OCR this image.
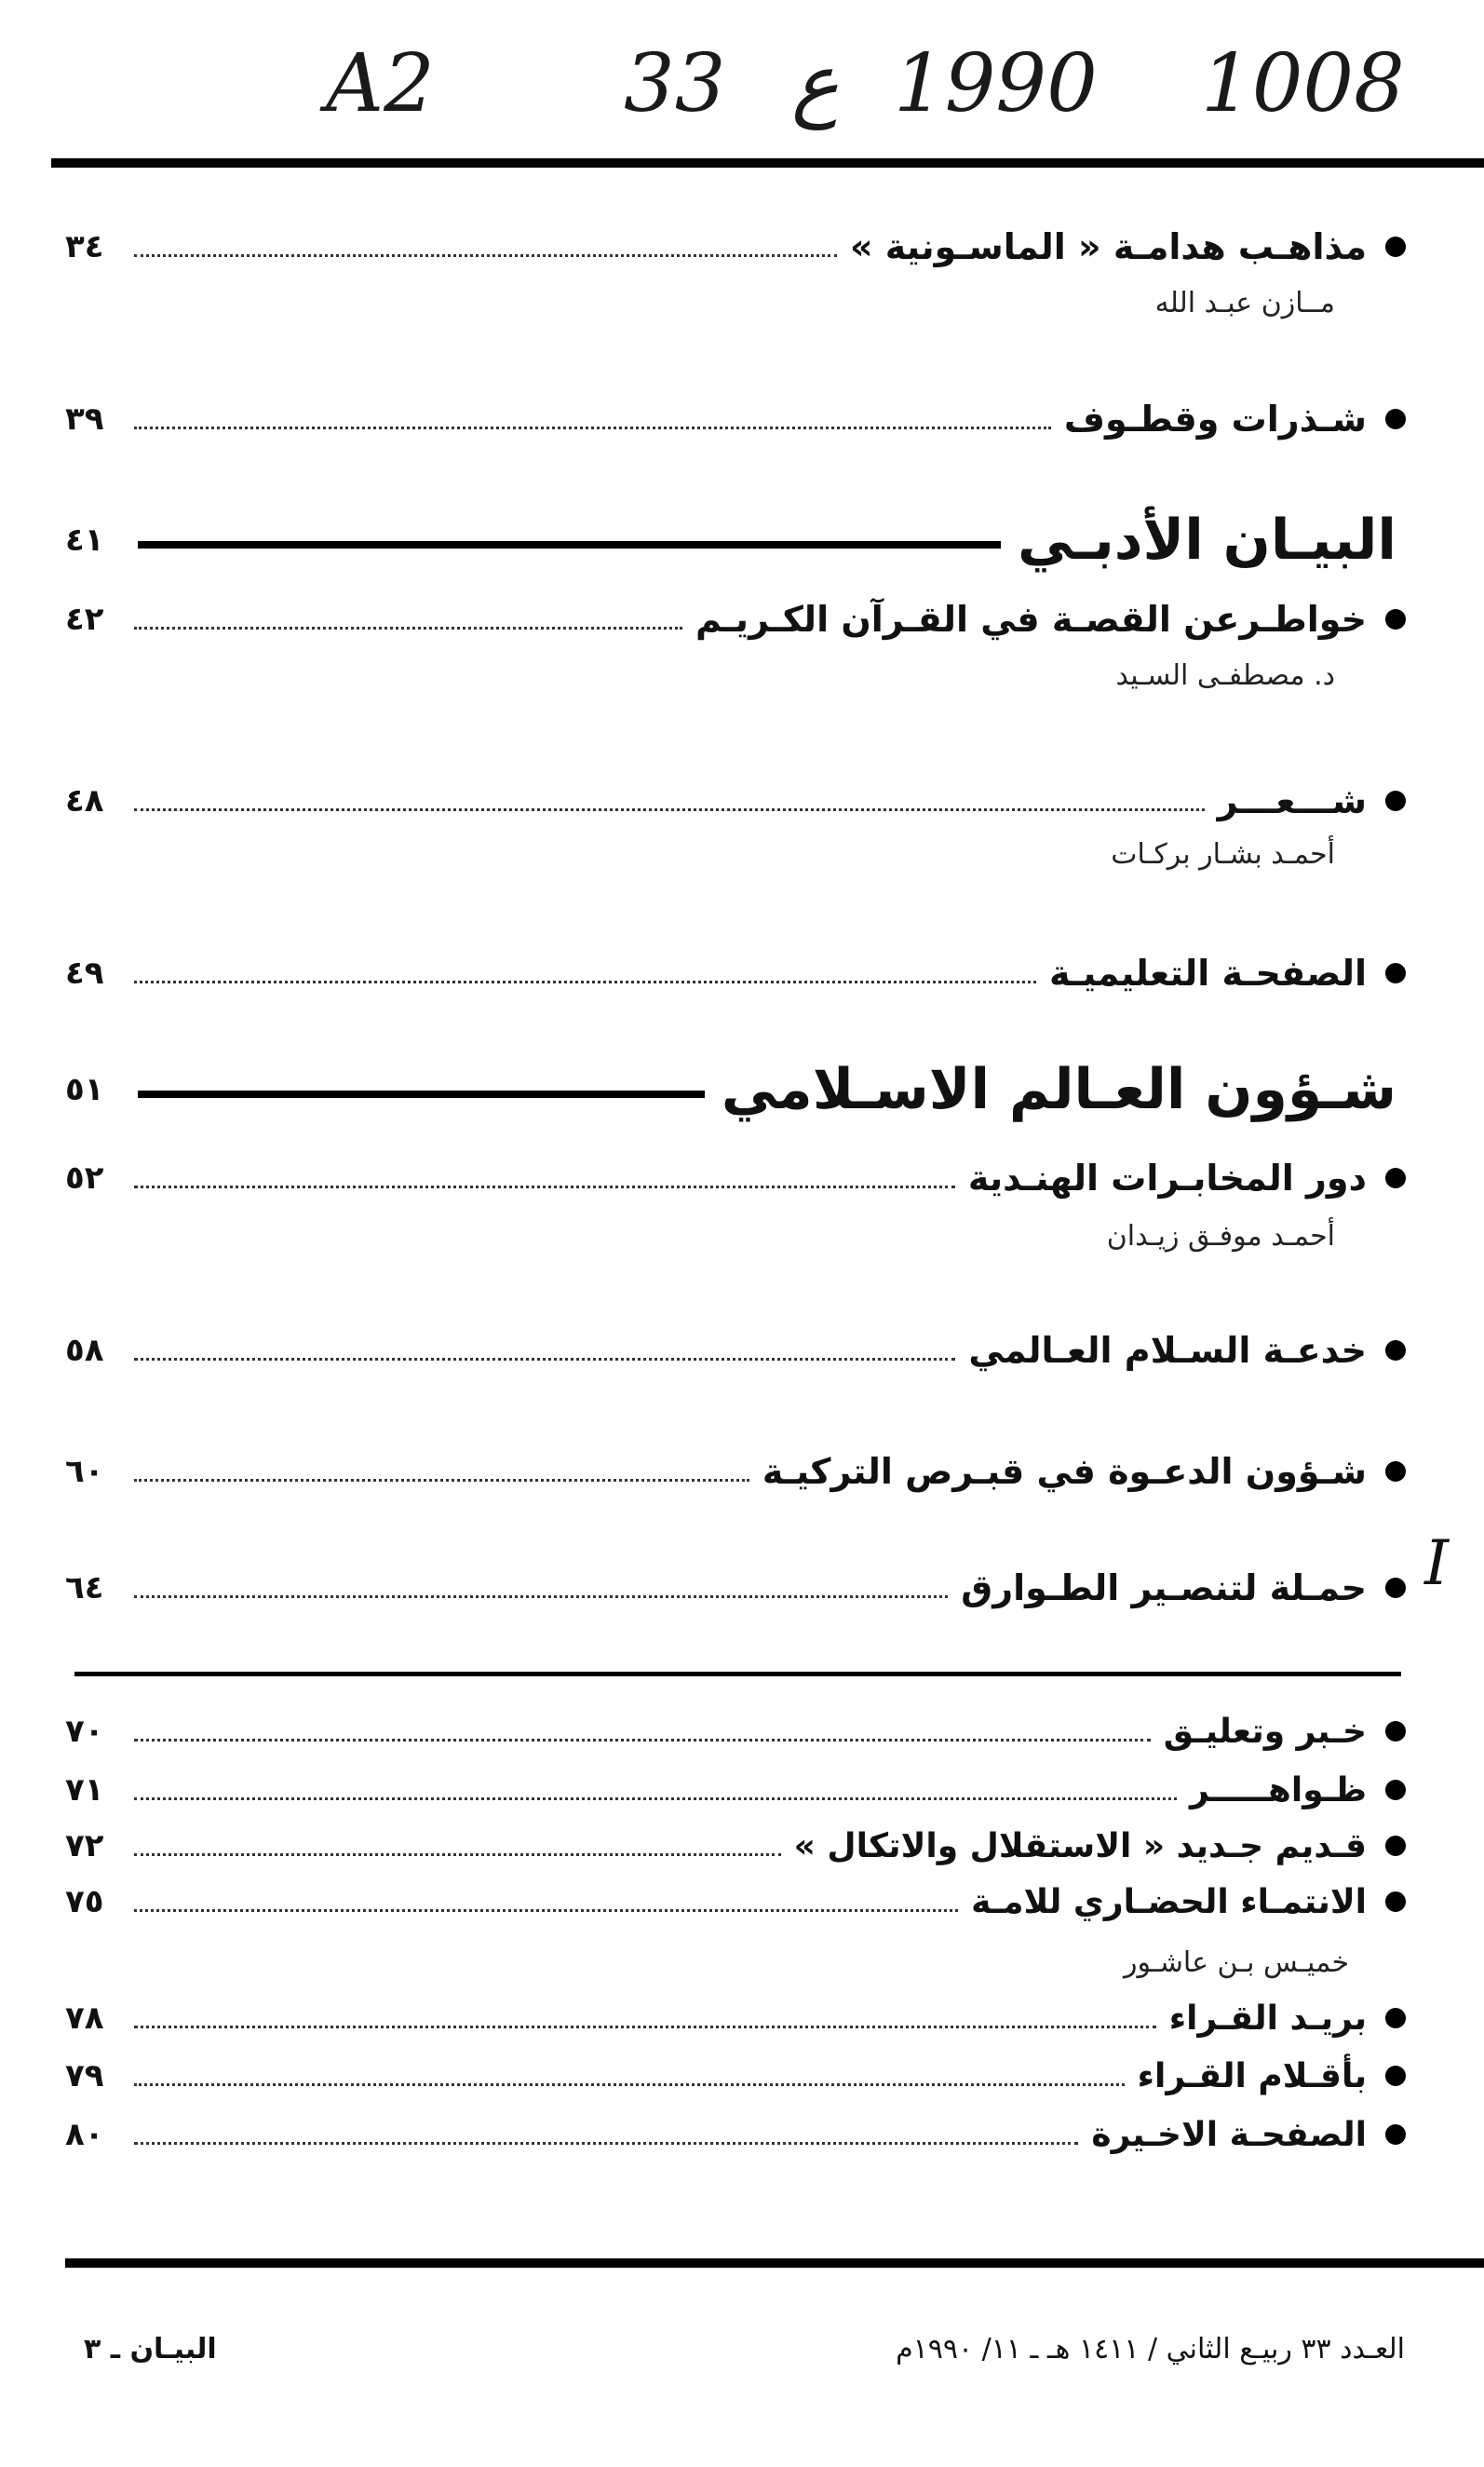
A2 33 ع 1990 1008
مذاهـب هدامـة « الماسـونية »
٣٤
مــازن عبـد الله
شـذرات وقطـوف
٣٩
البيـان الأدبـي
٤١
خواطـرعن القصـة في القـرآن الكـريـم
٤٢
د. مصطفـى السـيد
شـــعـــر
٤٨
أحمـد بشـار بركـات
الصفحـة التعليميـة
٤٩
شـؤون العـالم الاسـلامي
٥١
دور المخابـرات الهنـدية
٥٢
أحمـد موفـق زيـدان
خدعـة السـلام العـالمي
٥٨
شـؤون الدعـوة في قبـرص التركيـة
٦٠
حمـلة لتنصـير الطـوارق
٦٤	I
خـبر وتعليـق
٧٠
ظـواهـــــر
٧١
قـديم جـديد « الاستقلال والاتكال »
٧٢
الانتمـاء الحضـاري للامـة
٧٥
خميـس بـن عاشـور
بريـد القـراء
٧٨
بأقـلام القـراء
٧٩
الصفحـة الاخـيرة
٨٠
العـدد ٣٣ ربيـع الثاني / ١٤١١ هـ ـ ١١/ ١٩٩٠م
البيـان ـ ٣
